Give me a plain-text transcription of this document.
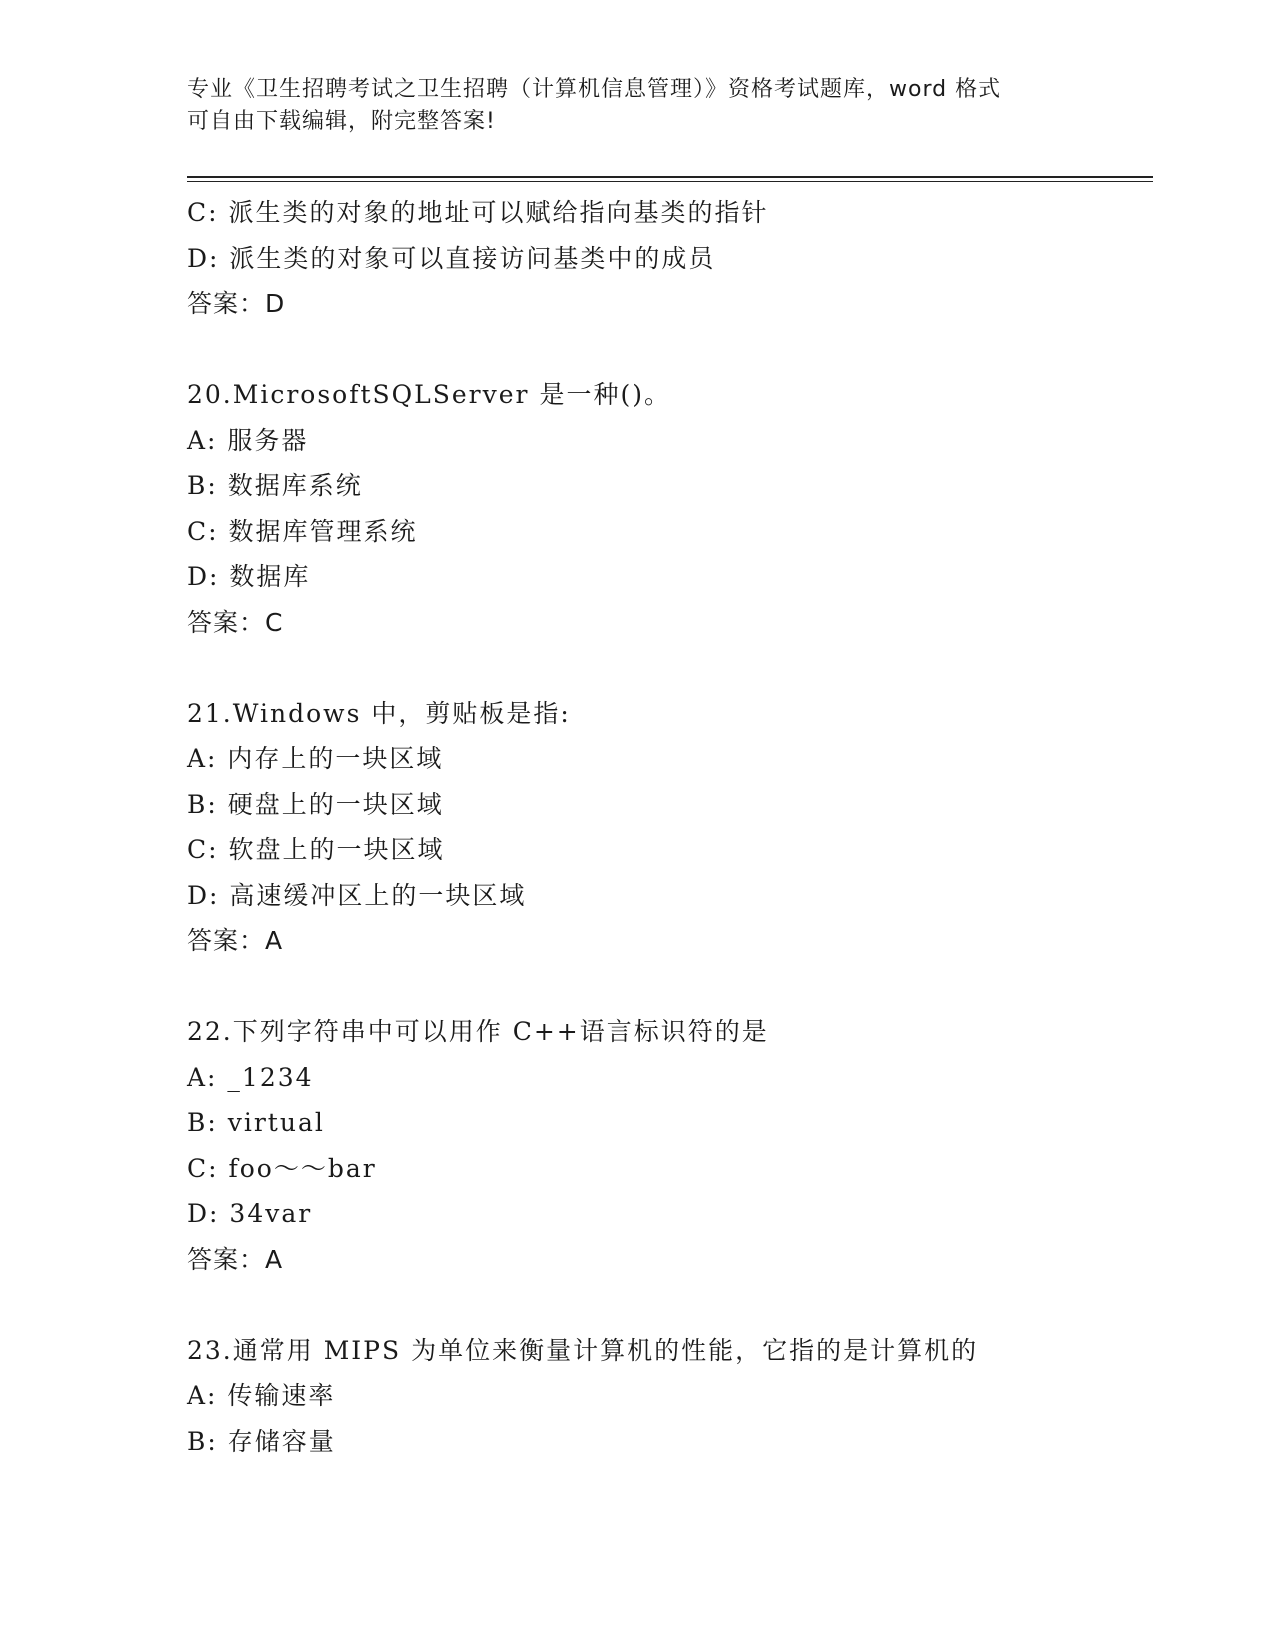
专业《卫生招聘考试之卫生招聘（计算机信息管理）》资格考试题库，word 格式
可自由下载编辑，附完整答案!
C: 派生类的对象的地址可以赋给指向基类的指针
D: 派生类的对象可以直接访问基类中的成员
答案：D
20.MicrosoftSQLServer 是一种()。
A: 服务器
B: 数据库系统
C: 数据库管理系统
D: 数据库
答案：C
21.Windows 中，剪贴板是指:
A: 内存上的一块区域
B: 硬盘上的一块区域
C: 软盘上的一块区域
D: 高速缓冲区上的一块区域
答案：A
22.下列字符串中可以用作 C++语言标识符的是
A: _1234
B: virtual
C: foo～～bar
D: 34var
答案：A
23.通常用 MIPS 为单位来衡量计算机的性能，它指的是计算机的
A: 传输速率
B: 存储容量
